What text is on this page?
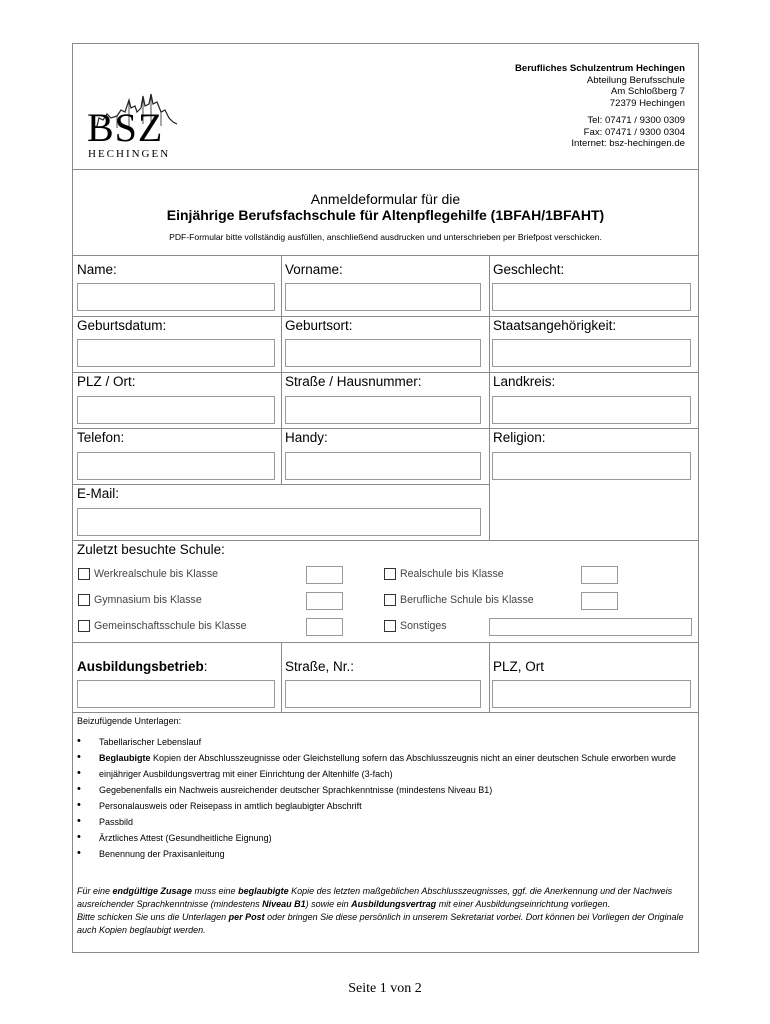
BSZ
HECHINGEN
Berufliches Schulzentrum Hechingen
Abteilung Berufsschule
Am Schloßberg 7
72379 Hechingen
Tel: 07471 / 9300 0309
Fax: 07471 / 9300 0304
Internet: bsz-hechingen.de
Anmeldeformular für die
Einjährige Berufsfachschule für Altenpflegehilfe (1BFAH/1BFAHT)
PDF-Formular bitte vollständig ausfüllen, anschließend ausdrucken und unterschrieben per Briefpost verschicken.
Name:	Vorname:	Geschlecht:
Geburtsdatum:	Geburtsort:	Staatsangehörigkeit:
PLZ / Ort:	Straße / Hausnummer:	Landkreis:
Telefon:	Handy:	Religion:
E-Mail:
Zuletzt besuchte Schule:
Werkrealschule bis Klasse	Realschule bis Klasse
Gymnasium bis Klasse	Berufliche Schule bis Klasse
Gemeinschaftsschule bis Klasse	Sonstiges
Ausbildungsbetrieb:	Straße, Nr.:	PLZ, Ort
Beizufügende Unterlagen:
• Tabellarischer Lebenslauf
• Beglaubigte Kopien der Abschlusszeugnisse oder Gleichstellung sofern das Abschlusszeugnis nicht an einer deutschen Schule erworben wurde
• einjähriger Ausbildungsvertrag mit einer Einrichtung der Altenhilfe (3-fach)
• Gegebenenfalls ein Nachweis ausreichender deutscher Sprachkenntnisse (mindestens Niveau B1)
• Personalausweis oder Reisepass in amtlich beglaubigter Abschrift
• Passbild
• Ärztliches Attest (Gesundheitliche Eignung)
• Benennung der Praxisanleitung
Für eine endgültige Zusage muss eine beglaubigte Kopie des letzten maßgeblichen Abschlusszeugnisses, ggf. die Anerkennung und der Nachweis ausreichender Sprachkenntnisse (mindestens Niveau B1) sowie ein Ausbildungsvertrag mit einer Ausbildungseinrichtung vorliegen.
Bitte schicken Sie uns die Unterlagen per Post oder bringen Sie diese persönlich in unserem Sekretariat vorbei. Dort können bei Vorliegen der Originale auch Kopien beglaubigt werden.
Seite 1 von 2
